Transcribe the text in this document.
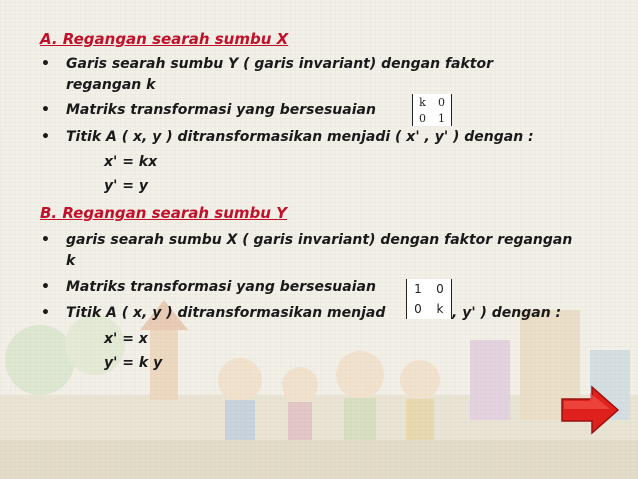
A. Regangan searah sumbu X
• Garis searah sumbu Y ( garis invariant) dengan faktor
regangan k
• Matriks transformasi yang bersesuaian	k 0
0 1
• Titik A ( x, y ) ditransformasikan menjadi ( x' , y' ) dengan :
x' = kx
y' = y
B. Regangan searah sumbu Y
• garis searah sumbu X ( garis invariant) dengan faktor regangan
k
• Matriks transformasi yang bersesuaian	1 0
0 k
• Titik A ( x, y ) ditransformasikan menjad	, y' ) dengan :
x' = x
y' = k y
